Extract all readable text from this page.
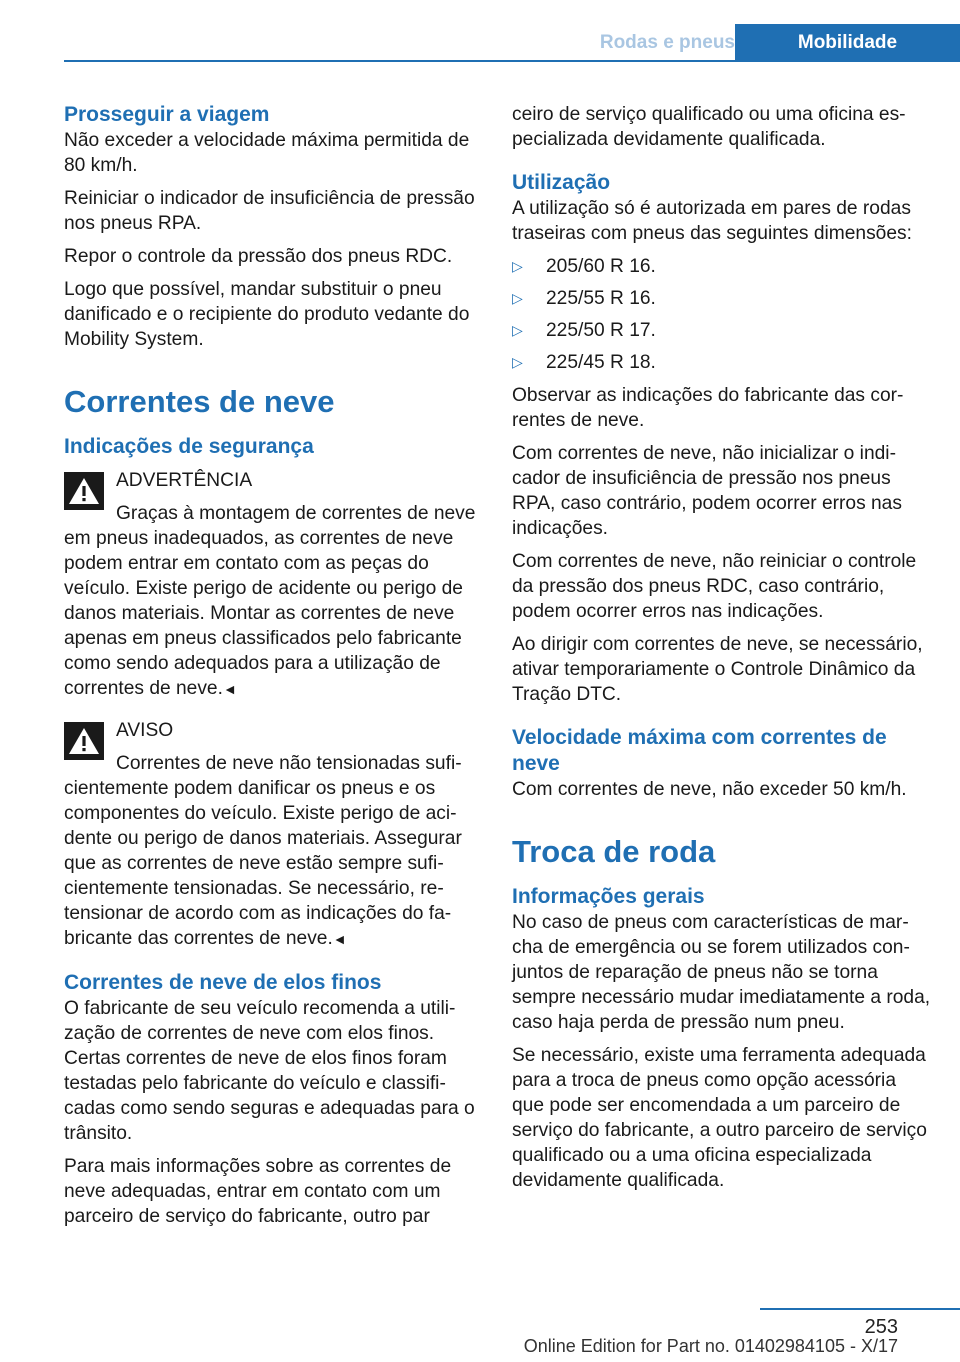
Rodas e pneus	Mobilidade
Prosseguir a viagem

Não exceder a velocidade máxima permitida de 80 km/h.

Reiniciar o indicador de insuficiência de pressão nos pneus RPA.

Repor o controle da pressão dos pneus RDC.

Logo que possível, mandar substituir o pneu danificado e o recipiente do produto vedante do Mobility System.

Correntes de neve
Indicações de segurança
ADVERTÊNCIA

Graças à montagem de correntes de neve em pneus inadequados, as correntes de neve podem entrar em contato com as peças do veículo. Existe perigo de acidente ou perigo de danos materiais. Montar as correntes de neve apenas em pneus classificados pelo fabricante como sendo adequados para a utilização de correntes de neve.◄

AVISO

Correntes de neve não tensionadas suficientemente podem danificar os pneus e os componentes do veículo. Existe perigo de acidente ou perigo de danos materiais. Assegurar que as correntes de neve estão sempre suficientemente tensionadas. Se necessário, retensionar de acordo com as indicações do fabricante das correntes de neve.◄

Correntes de neve de elos finos

O fabricante de seu veículo recomenda a utilização de correntes de neve com elos finos. Certas correntes de neve de elos finos foram testadas pelo fabricante do veículo e classificadas como sendo seguras e adequadas para o trânsito.

Para mais informações sobre as correntes de neve adequadas, entrar em contato com um parceiro de serviço do fabricante, outro par

ceiro de serviço qualificado ou uma oficina especializada devidamente qualificada.

Utilização

A utilização só é autorizada em pares de rodas traseiras com pneus das seguintes dimensões:

▷ 205/60 R 16.
▷ 225/55 R 16.
▷ 225/50 R 17.
▷ 225/45 R 18.

Observar as indicações do fabricante das correntes de neve.

Com correntes de neve, não inicializar o indicador de insuficiência de pressão nos pneus RPA, caso contrário, podem ocorrer erros nas indicações.

Com correntes de neve, não reiniciar o controle da pressão dos pneus RDC, caso contrário, podem ocorrer erros nas indicações.

Ao dirigir com correntes de neve, se necessário, ativar temporariamente o Controle Dinâmico da Tração DTC.

Velocidade máxima com correntes de neve

Com correntes de neve, não exceder 50 km/h.

Troca de roda
Informações gerais

No caso de pneus com características de marcha de emergência ou se forem utilizados conjuntos de reparação de pneus não se torna sempre necessário mudar imediatamente a roda, caso haja perda de pressão num pneu.

Se necessário, existe uma ferramenta adequada para a troca de pneus como opção acessória que pode ser encomendada a um parceiro de serviço do fabricante, a outro parceiro de serviço qualificado ou a uma oficina especializada devidamente qualificada.

253
Online Edition for Part no. 01402984105 - X/17
